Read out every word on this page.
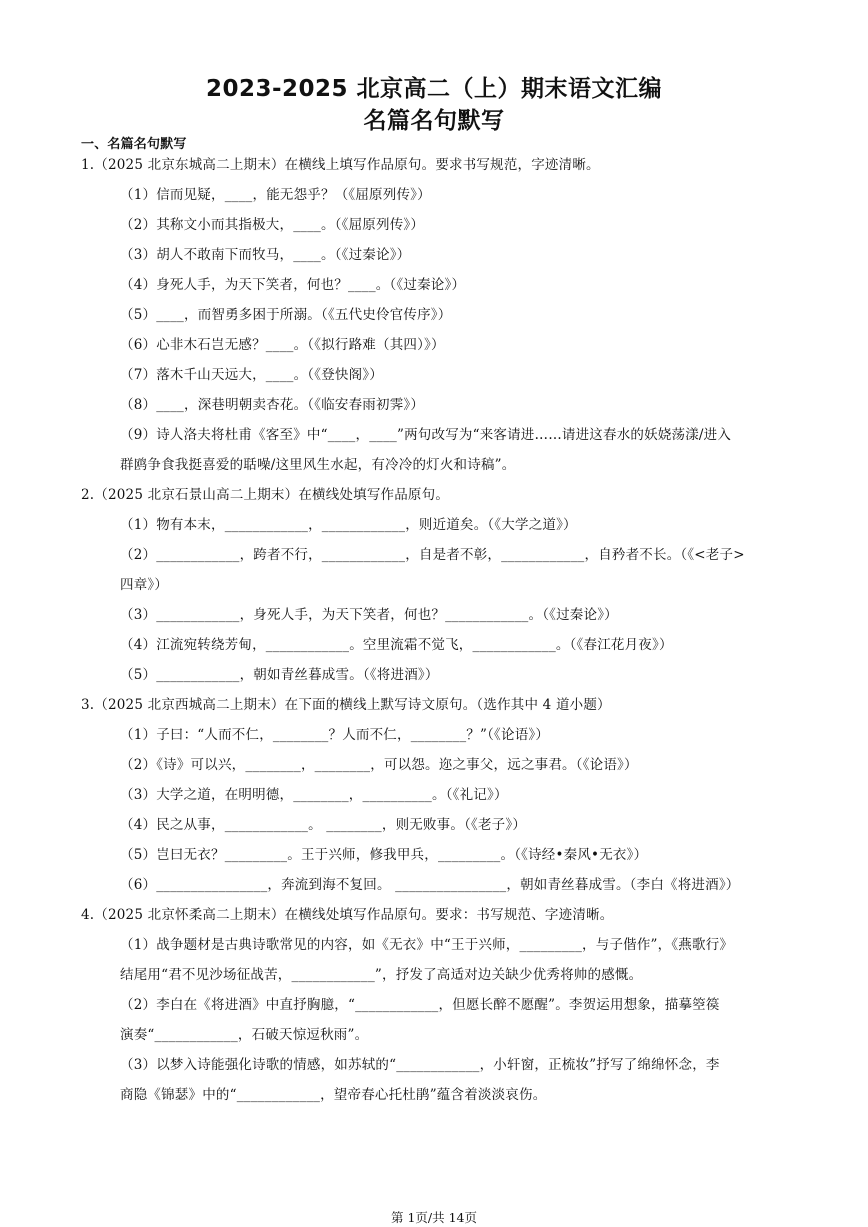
2023-2025 北京高二（上）期末语文汇编
名篇名句默写
一、名篇名句默写
1.（2025 北京东城高二上期末）在横线上填写作品原句。要求书写规范，字迹清晰。
（1）信而见疑，____，能无怨乎？（《屈原列传》）
（2）其称文小而其指极大，____。（《屈原列传》）
（3）胡人不敢南下而牧马，____。（《过秦论》）
（4）身死人手，为天下笑者，何也？____。（《过秦论》）
（5）____，而智勇多困于所溺。（《五代史伶官传序》）
（6）心非木石岂无感？____。（《拟行路难（其四）》）
（7）落木千山天远大，____。（《登快阁》）
（8）____，深巷明朝卖杏花。（《临安春雨初霁》）
（9）诗人洛夫将杜甫《客至》中“____，____”两句改写为“来客请进……请进这春水的妖娆荡漾/进入
群鸥争食我挺喜爱的聒噪/这里风生水起，有冷冷的灯火和诗稿”。
2.（2025 北京石景山高二上期末）在横线处填写作品原句。
（1）物有本末，____________，____________，则近道矣。（《大学之道》）
（2）____________，跨者不行，____________，自是者不彰，____________，自矜者不长。（《<老子>
四章》）
（3）____________，身死人手，为天下笑者，何也？____________。（《过秦论》）
（4）江流宛转绕芳甸，____________。空里流霜不觉飞，____________。（《春江花月夜》）
（5）____________，朝如青丝暮成雪。（《将进酒》）
3.（2025 北京西城高二上期末）在下面的横线上默写诗文原句。（选作其中 4 道小题）
（1）子曰：“人而不仁，________？人而不仁，________？”（《论语》）
（2）《诗》可以兴，________，________，可以怨。迩之事父，远之事君。（《论语》）
（3）大学之道，在明明德，________，__________。（《礼记》）
（4）民之从事，____________。 ________，则无败事。（《老子》）
（5）岂曰无衣？_________。王于兴师，修我甲兵，_________。（《诗经•秦风•无衣》）
（6）________________，奔流到海不复回。 ________________，朝如青丝暮成雪。（李白《将进酒》）
4.（2025 北京怀柔高二上期末）在横线处填写作品原句。要求：书写规范、字迹清晰。
（1）战争题材是古典诗歌常见的内容，如《无衣》中“王于兴师，_________，与子偕作”，《燕歌行》
结尾用“君不见沙场征战苦，____________”，抒发了高适对边关缺少优秀将帅的感慨。
（2）李白在《将进酒》中直抒胸臆，“____________，但愿长醉不愿醒”。李贺运用想象，描摹箜篌
演奏“____________，石破天惊逗秋雨”。
（3）以梦入诗能强化诗歌的情感，如苏轼的“____________，小轩窗，正梳妆”抒写了绵绵怀念，李
商隐《锦瑟》中的“____________，望帝春心托杜鹃”蕴含着淡淡哀伤。
第 1页/共 14页
